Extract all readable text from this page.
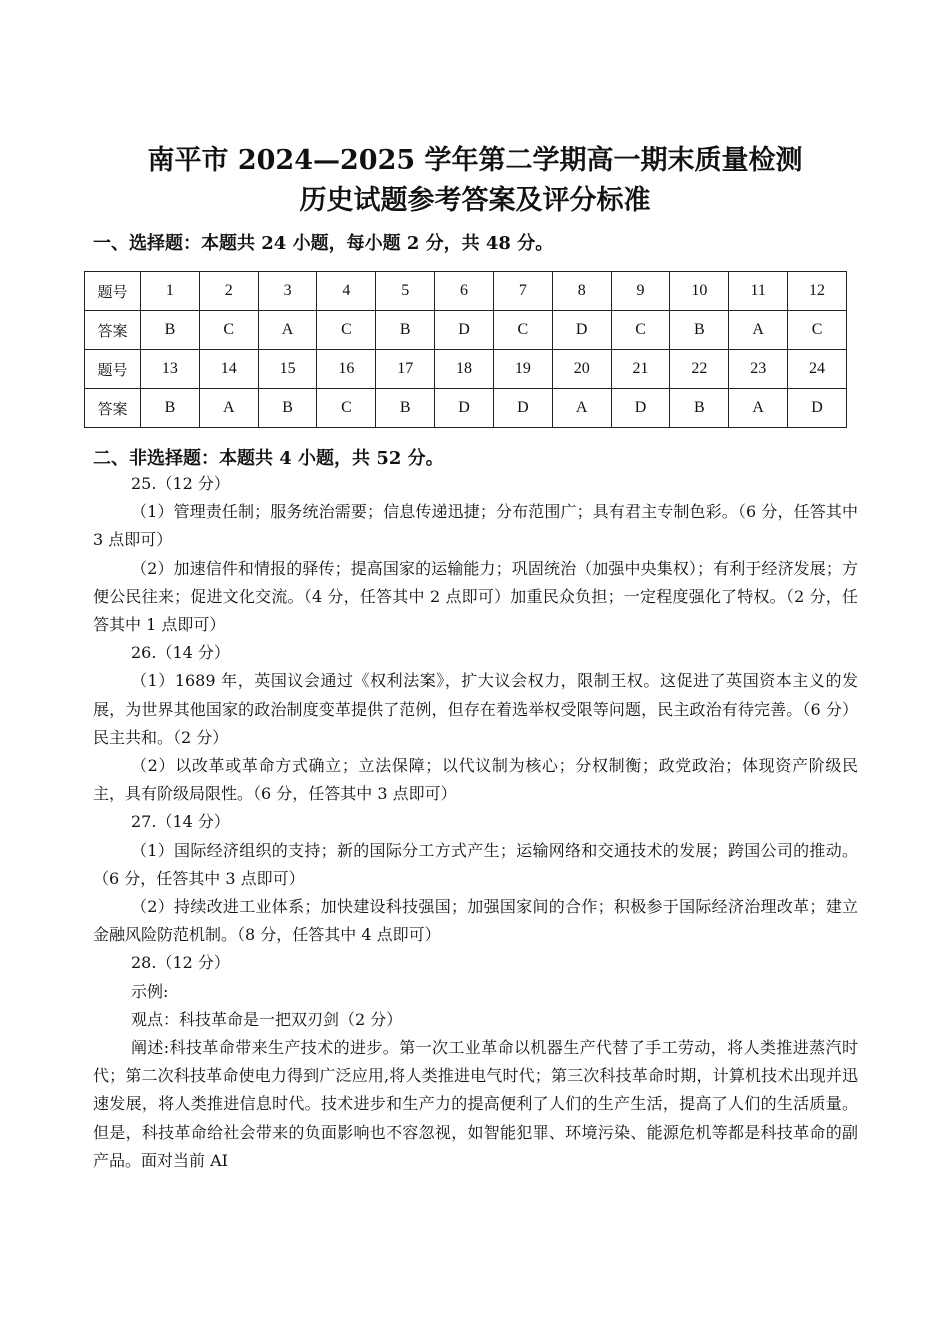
南平市 2024—2025 学年第二学期高一期末质量检测
历史试题参考答案及评分标准
一、选择题：本题共 24 小题，每小题 2 分，共 48 分。
题号	1	2	3	4	5	6	7	8	9	10	11	12
答案	B	C	A	C	B	D	C	D	C	B	A	C
题号	13	14	15	16	17	18	19	20	21	22	23	24
答案	B	A	B	C	B	D	D	A	D	B	A	D
二、非选择题：本题共 4 小题，共 52 分。

25.（12 分）

（1）管理责任制；服务统治需要；信息传递迅捷；分布范围广；具有君主专制色彩。（6 分，任答其中 3 点即可）

（2）加速信件和情报的驿传；提高国家的运输能力；巩固统治（加强中央集权）；有利于经济发展；方便公民往来；促进文化交流。（4 分，任答其中 2 点即可）加重民众负担；一定程度强化了特权。（2 分，任答其中 1 点即可）

26.（14 分）

（1）1689 年，英国议会通过《权利法案》，扩大议会权力，限制王权。这促进了英国资本主义的发展，为世界其他国家的政治制度变革提供了范例，但存在着选举权受限等问题，民主政治有待完善。（6 分）民主共和。（2 分）

（2）以改革或革命方式确立；立法保障；以代议制为核心；分权制衡；政党政治；体现资产阶级民主，具有阶级局限性。（6 分，任答其中 3 点即可）

27.（14 分）

（1）国际经济组织的支持；新的国际分工方式产生；运输网络和交通技术的发展；跨国公司的推动。（6 分，任答其中 3 点即可）

（2）持续改进工业体系；加快建设科技强国；加强国家间的合作；积极参于国际经济治理改革；建立金融风险防范机制。（8 分，任答其中 4 点即可）

28.（12 分）

示例:

观点：科技革命是一把双刃剑（2 分）

阐述:科技革命带来生产技术的进步。第一次工业革命以机器生产代替了手工劳动，将人类推进蒸汽时代；第二次科技革命使电力得到广泛应用,将人类推进电气时代；第三次科技革命时期，计算机技术出现并迅速发展，将人类推进信息时代。技术进步和生产力的提高便利了人们的生产生活，提高了人们的生活质量。但是，科技革命给社会带来的负面影响也不容忽视，如智能犯罪、环境污染、能源危机等都是科技革命的副产品。面对当前 AI
